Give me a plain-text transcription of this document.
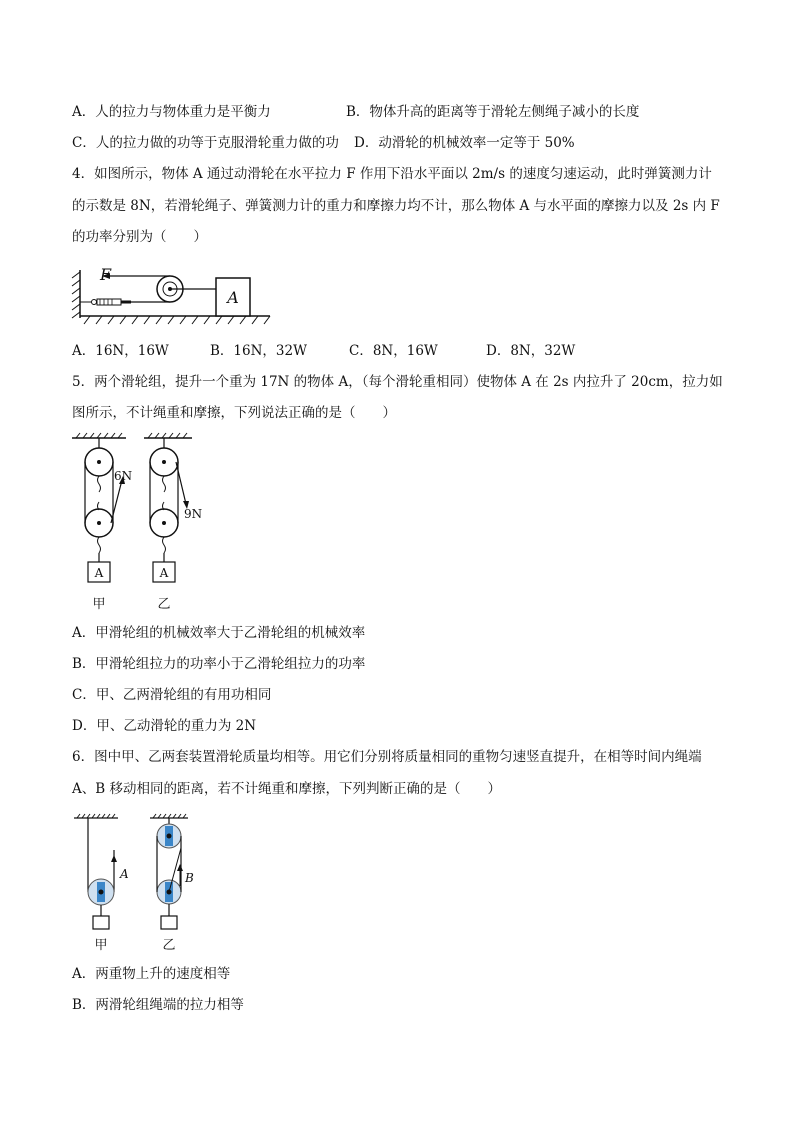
A．人的拉力与物体重力是平衡力	B．物体升高的距离等于滑轮左侧绳子减小的长度
C．人的拉力做的功等于克服滑轮重力做的功 D．动滑轮的机械效率一定等于 50%
4．如图所示，物体 A 通过动滑轮在水平拉力 F 作用下沿水平面以 2m/s 的速度匀速运动，此时弹簧测力计
的示数是 8N，若滑轮绳子、弹簧测力计的重力和摩擦力均不计，那么物体 A 与水平面的摩擦力以及 2s 内 F
的功率分别为（　　）
A
F
A．16N，16W	B．16N，32W	C．8N，16W	D．8N，32W
5．两个滑轮组，提升一个重为 17N 的物体 A，（每个滑轮重相同）使物体 A 在 2s 内拉升了 20cm，拉力如
图所示，不计绳重和摩擦，下列说法正确的是（　　）
A
6N
甲
A
9N
乙
A．甲滑轮组的机械效率大于乙滑轮组的机械效率
B．甲滑轮组拉力的功率小于乙滑轮组拉力的功率
C．甲、乙两滑轮组的有用功相同
D．甲、乙动滑轮的重力为 2N
6．图中甲、乙两套装置滑轮质量均相等。用它们分别将质量相同的重物匀速竖直提升，在相等时间内绳端
A、B 移动相同的距离，若不计绳重和摩擦，下列判断正确的是（　　）
A
甲
B
乙
A．两重物上升的速度相等
B．两滑轮组绳端的拉力相等
